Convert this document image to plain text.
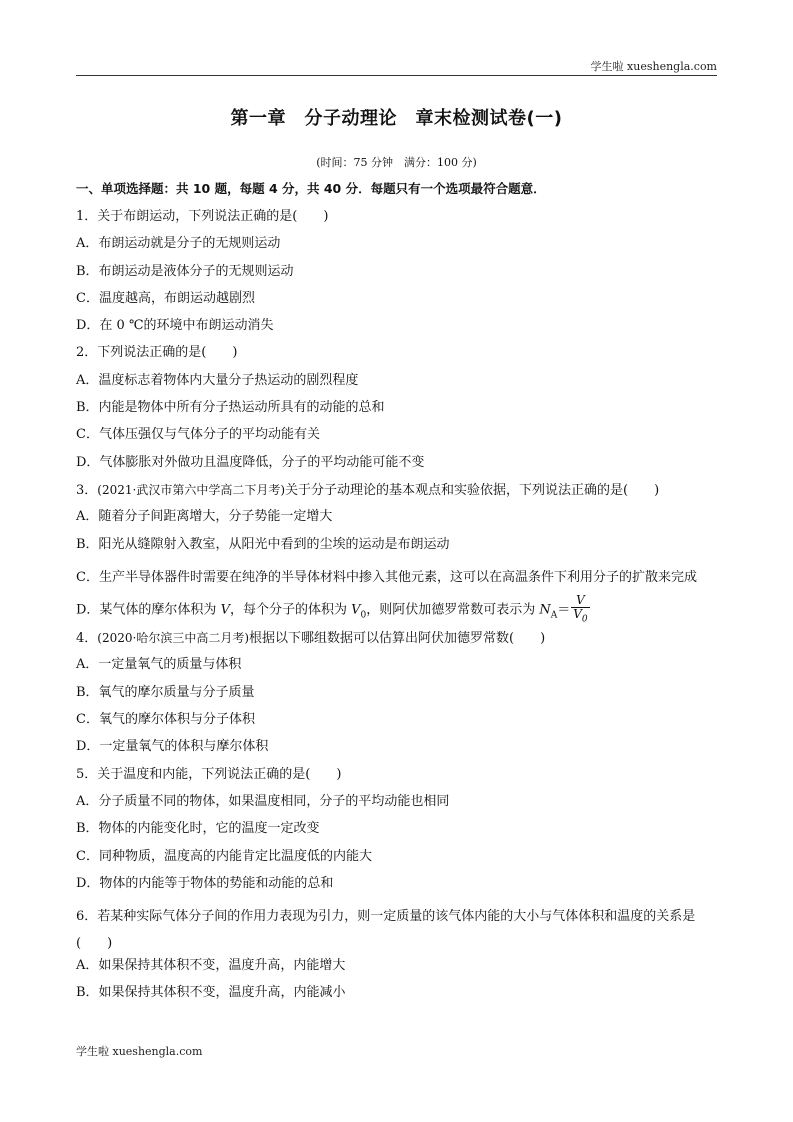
学生啦 xueshengla.com
第一章　分子动理论　章末检测试卷(一)
(时间：75 分钟　满分：100 分)
一、单项选择题：共 10 题，每题 4 分，共 40 分．每题只有一个选项最符合题意．
1．关于布朗运动，下列说法正确的是(　　)
A．布朗运动就是分子的无规则运动
B．布朗运动是液体分子的无规则运动
C．温度越高，布朗运动越剧烈
D．在 0 ℃的环境中布朗运动消失
2．下列说法正确的是(　　)
A．温度标志着物体内大量分子热运动的剧烈程度
B．内能是物体中所有分子热运动所具有的动能的总和
C．气体压强仅与气体分子的平均动能有关
D．气体膨胀对外做功且温度降低，分子的平均动能可能不变
3．(2021·武汉市第六中学高二下月考)关于分子动理论的基本观点和实验依据，下列说法正确的是(　　)
A．随着分子间距离增大，分子势能一定增大
B．阳光从缝隙射入教室，从阳光中看到的尘埃的运动是布朗运动
C．生产半导体器件时需要在纯净的半导体材料中掺入其他元素，这可以在高温条件下利用分子的扩散来完成
D．某气体的摩尔体积为 V，每个分子的体积为 $V_0$，则阿伏加德罗常数可表示为 $N_A= \frac{V}{V_0}$
4．(2020·哈尔滨三中高二月考)根据以下哪组数据可以估算出阿伏加德罗常数(　　)
A．一定量氧气的质量与体积
B．氧气的摩尔质量与分子质量
C．氧气的摩尔体积与分子体积
D．一定量氧气的体积与摩尔体积
5．关于温度和内能，下列说法正确的是(　　)
A．分子质量不同的物体，如果温度相同，分子的平均动能也相同
B．物体的内能变化时，它的温度一定改变
C．同种物质，温度高的内能肯定比温度低的内能大
D．物体的内能等于物体的势能和动能的总和
6．若某种实际气体分子间的作用力表现为引力，则一定质量的该气体内能的大小与气体体积和温度的关系是(　　)
A．如果保持其体积不变，温度升高，内能增大
B．如果保持其体积不变，温度升高，内能减小
学生啦 xueshengla.com
